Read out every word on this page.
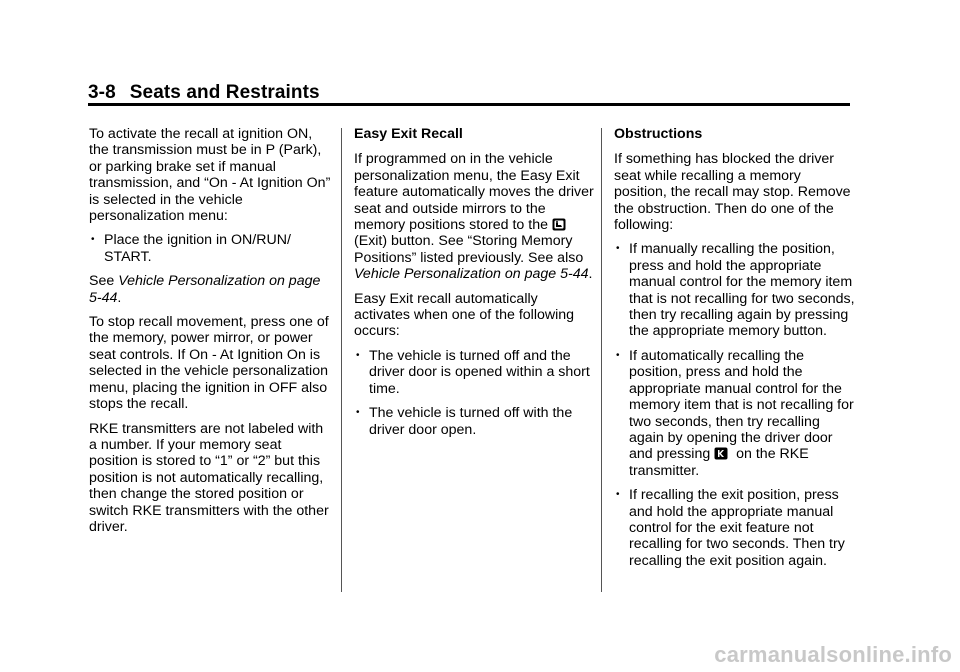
3-8 Seats and Restraints

To activate the recall at ignition ON, the transmission must be in P (Park), or parking brake set if manual transmission, and “On - At Ignition On” is selected in the vehicle personalization menu:

• Place the ignition in ON/RUN/ START.

See Vehicle Personalization on page 5‑44.

To stop recall movement, press one of the memory, power mirror, or power seat controls. If On - At Ignition On is selected in the vehicle personalization menu, placing the ignition in OFF also stops the recall.

RKE transmitters are not labeled with a number. If your memory seat position is stored to “1” or “2” but this position is not automatically recalling, then change the stored position or switch RKE transmitters with the other driver.

Easy Exit Recall

If programmed on in the vehicle personalization menu, the Easy Exit feature automatically moves the driver seat and outside mirrors to the memory positions stored to the
(Exit) button. See “Storing Memory Positions” listed previously. See also Vehicle Personalization on page 5‑44.

Easy Exit recall automatically activates when one of the following occurs:

• The vehicle is turned off and the driver door is opened within a short time.
• The vehicle is turned off with the driver door open.

Obstructions

If something has blocked the driver seat while recalling a memory position, the recall may stop. Remove the obstruction. Then do one of the following:

• If manually recalling the position, press and hold the appropriate manual control for the memory item that is not recalling for two seconds, then try recalling again by pressing the appropriate memory button.
• If automatically recalling the position, press and hold the appropriate manual control for the memory item that is not recalling for two seconds, then try recalling again by opening the driver door and pressing
on the RKE transmitter.
• If recalling the exit position, press and hold the appropriate manual control for the exit feature not recalling for two seconds. Then try recalling the exit position again.
carmanualsonline.info
